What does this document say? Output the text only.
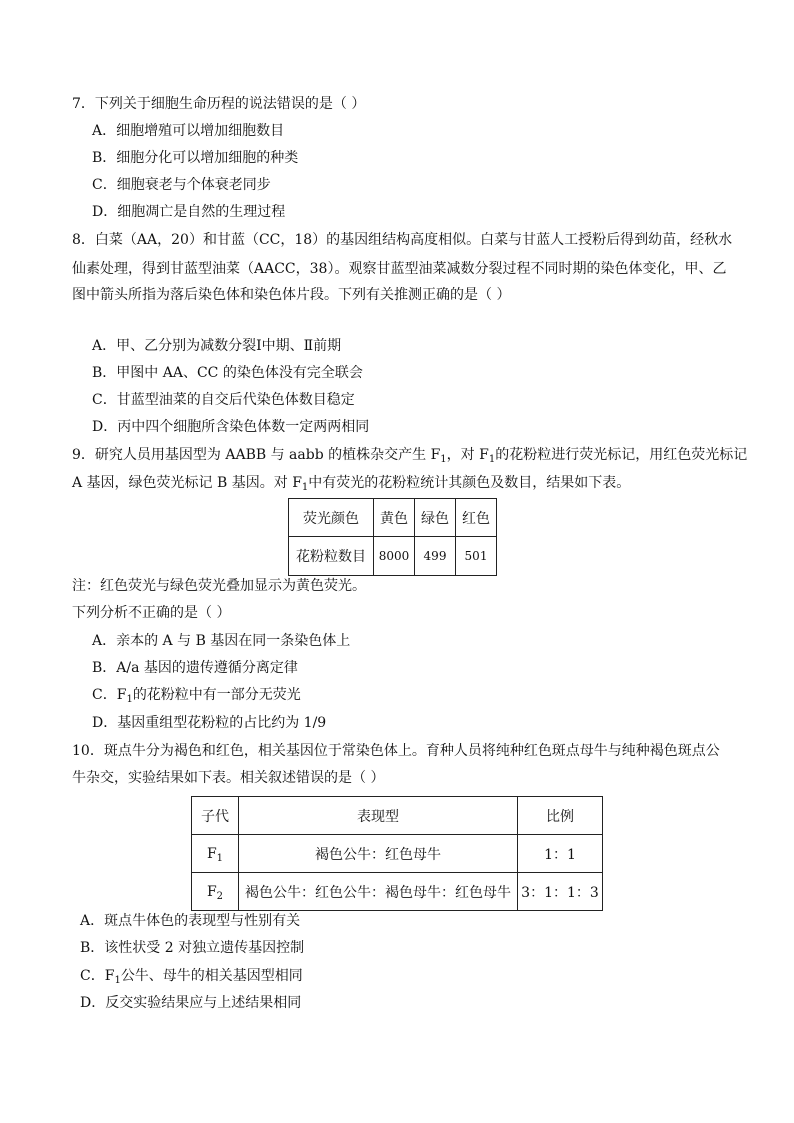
7．下列关于细胞生命历程的说法错误的是（ ）
A．细胞增殖可以增加细胞数目
B．细胞分化可以增加细胞的种类
C．细胞衰老与个体衰老同步
D．细胞凋亡是自然的生理过程
8．白菜（AA，20）和甘蓝（CC，18）的基因组结构高度相似。白菜与甘蓝人工授粉后得到幼苗，经秋水
仙素处理，得到甘蓝型油菜（AACC，38）。观察甘蓝型油菜减数分裂过程不同时期的染色体变化，甲、乙
图中箭头所指为落后染色体和染色体片段。下列有关推测正确的是（ ）
A．甲、乙分别为减数分裂Ⅰ中期、Ⅱ前期
B．甲图中 AA、CC 的染色体没有完全联会
C．甘蓝型油菜的自交后代染色体数目稳定
D．丙中四个细胞所含染色体数一定两两相同
9．研究人员用基因型为 AABB 与 aabb 的植株杂交产生 $F_1$，对 $F_1$的花粉粒进行荧光标记，用红色荧光标记
A 基因，绿色荧光标记 B 基因。对 $F_1$中有荧光的花粉粒统计其颜色及数目，结果如下表。
荧光颜色	黄色	绿色	红色
花粉粒数目	8000	499	501
注：红色荧光与绿色荧光叠加显示为黄色荧光。
下列分析不正确的是（ ）
A．亲本的 A 与 B 基因在同一条染色体上
B．A/a 基因的遗传遵循分离定律
C．$F_1$的花粉粒中有一部分无荧光
D．基因重组型花粉粒的占比约为 1/9
10．斑点牛分为褐色和红色，相关基因位于常染色体上。育种人员将纯种红色斑点母牛与纯种褐色斑点公
牛杂交，实验结果如下表。相关叙述错误的是（ ）
子代	表现型	比例
$F_1$	褐色公牛：红色母牛	1：1
$F_2$	褐色公牛：红色公牛：褐色母牛：红色母牛	3：1：1：3
A．斑点牛体色的表现型与性别有关
B．该性状受 2 对独立遗传基因控制
C．$F_1$公牛、母牛的相关基因型相同
D．反交实验结果应与上述结果相同
